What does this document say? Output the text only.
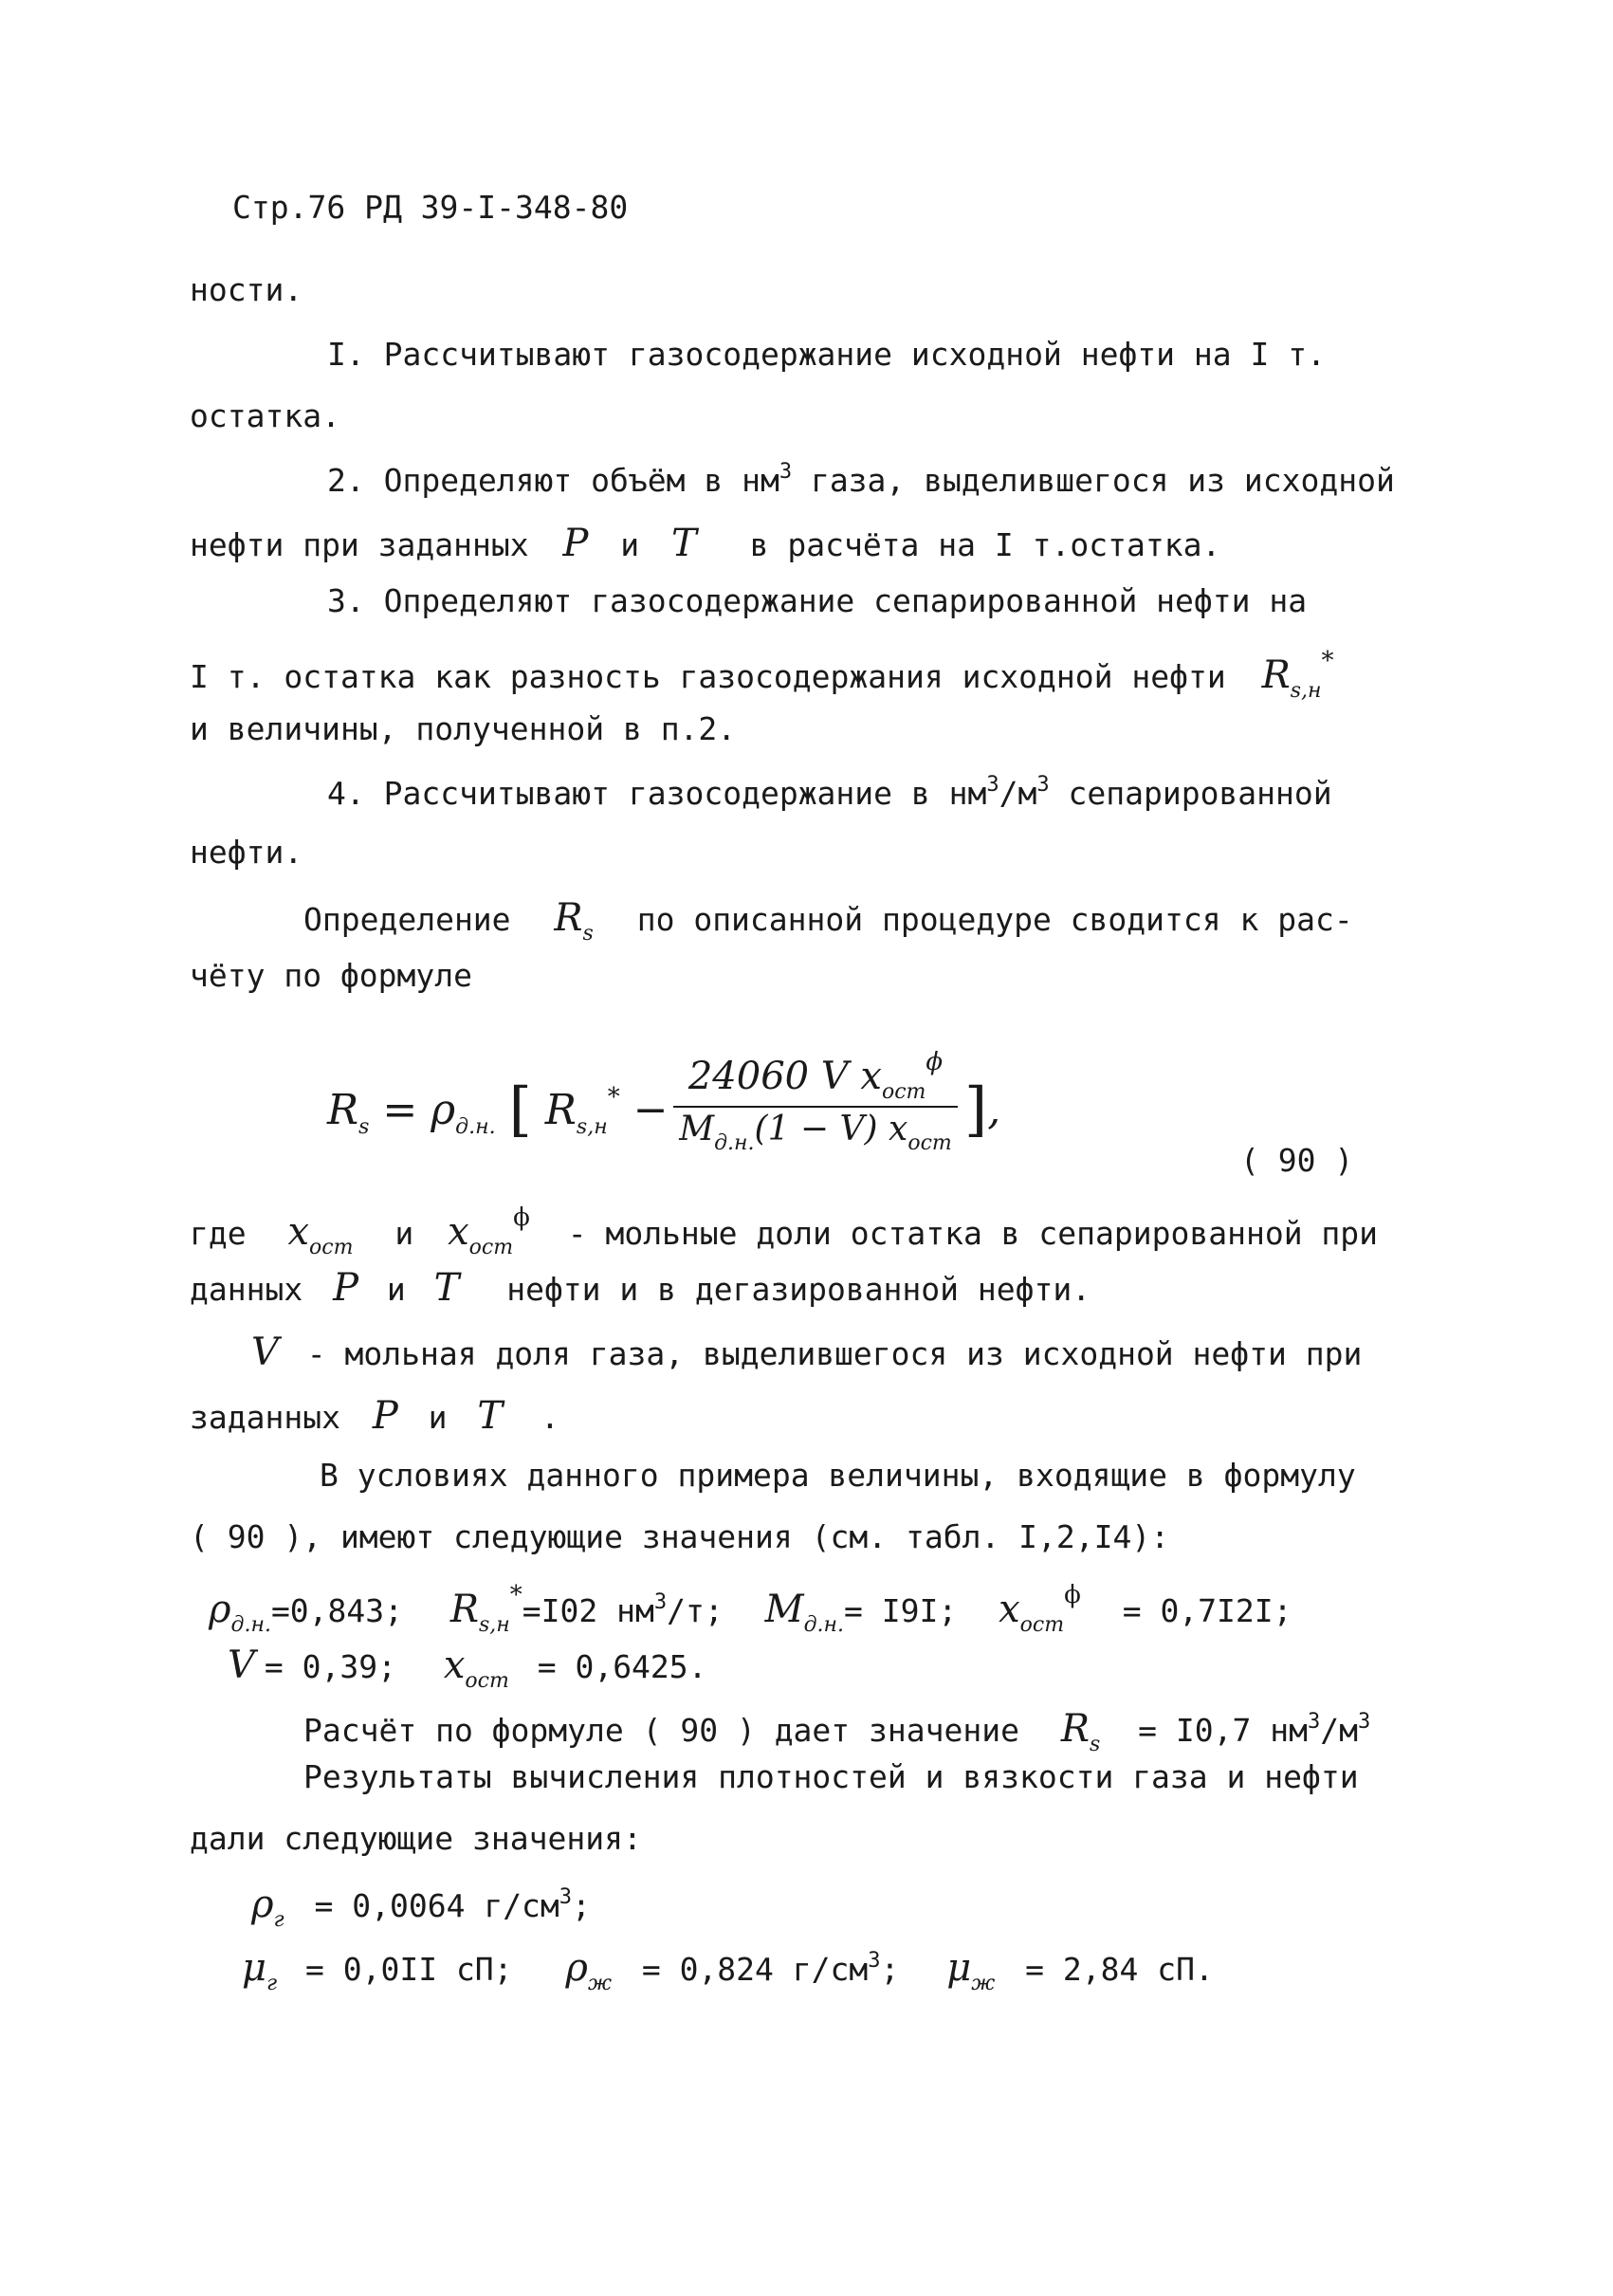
Стр.76 РД 39-I-348-80
ности.
I. Рассчитывают газосодержание исходной нефти на I т.
остатка.
2. Определяют объём в $нм^3$ газа, выделившегося из исходной
нефти при заданных P и T в расчёта на I т.остатка.
3. Определяют газосодержание сепарированной нефти на
I т. остатка как разность газосодержания исходной нефти $R_{s,н}^*$
и величины, полученной в п.2.
4. Рассчитывают газосодержание в $нм^3/м^3$ сепарированной
нефти.
Определение $R_s$ по описанной процедуре сводится к рас-
чёту по формуле
$R_s = \rho_{д.н.}$ [ $R_{s,н}^*$ −
24060 V $x_{ост}^\phi$
$M_{д.н.}(1 - V)$ $x_{ост}$ ],
( 90 )
где $x_{ост}$ и $x_{ост}^\phi$ - мольные доли остатка в сепарированной при
данных P и T нефти и в дегазированной нефти.
V - мольная доля газа, выделившегося из исходной нефти при
заданных P и T .
В условиях данного примера величины, входящие в формулу
( 90 ), имеют следующие значения (см. табл. I,2,I4):
$\rho_{д.н.}=0,843$; $R_{s,н}^*=I02$ $нм^3/т$; $M_{д.н.}= I9I$; $x_{ост}^\phi = 0,7I2I$;
V = 0,39; $x_{ост} = 0,6425$.
Расчёт по формуле ( 90 ) дает значение $R_s = I0,7$ $нм^3/м^3$
Результаты вычисления плотностей и вязкости газа и нефти
дали следующие значения:
$\rho_г = 0,0064$ $г/см^3$;
$\mu_г = 0,0II$ сП; $\rho_ж = 0,824$ $г/см^3$; $\mu_ж = 2,84$ сП.
